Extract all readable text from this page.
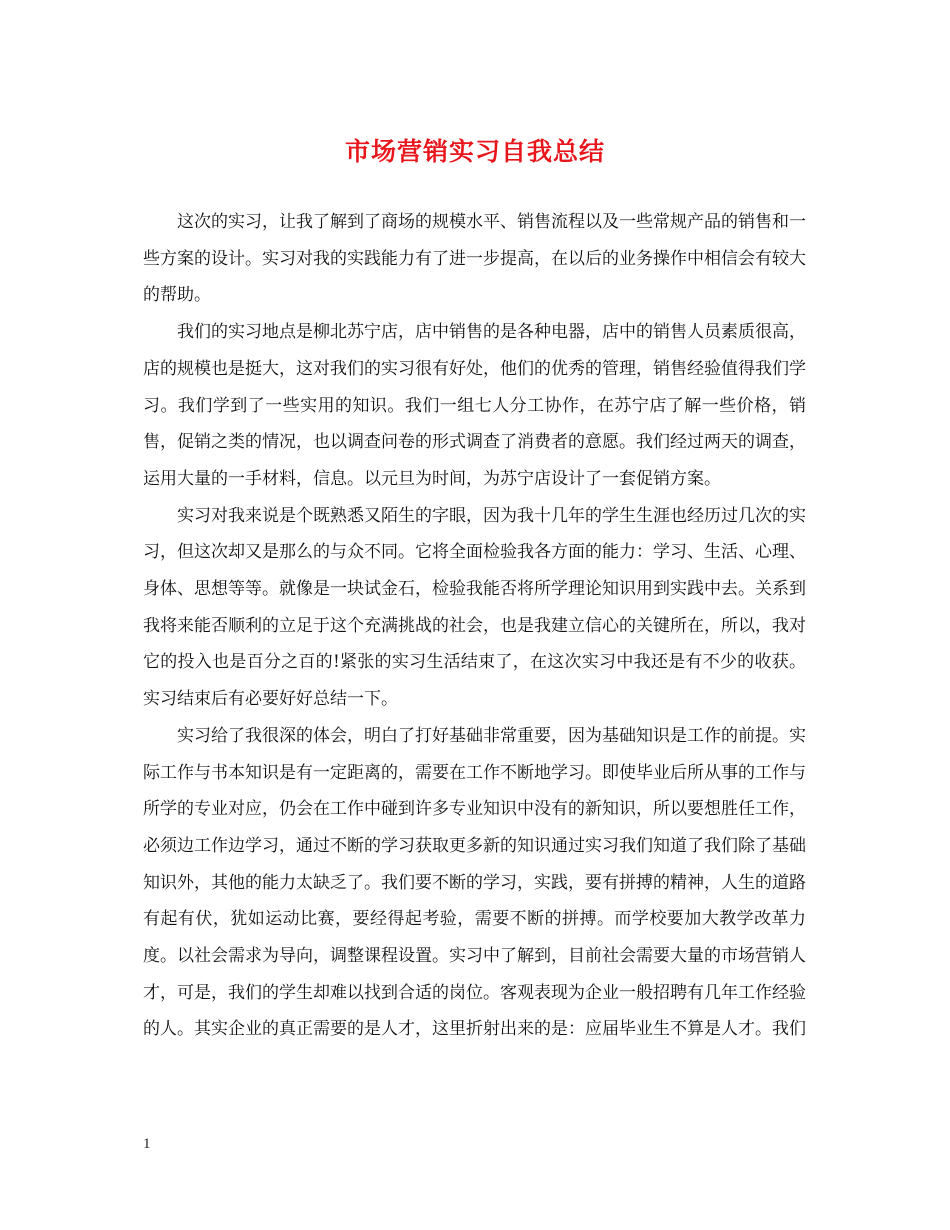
市场营销实习自我总结

这次的实习，让我了解到了商场的规模水平、销售流程以及一些常规产品的销售和一些方案的设计。实习对我的实践能力有了进一步提高，在以后的业务操作中相信会有较大的帮助。

我们的实习地点是柳北苏宁店，店中销售的是各种电器，店中的销售人员素质很高，店的规模也是挺大，这对我们的实习很有好处，他们的优秀的管理，销售经验值得我们学习。我们学到了一些实用的知识。我们一组七人分工协作，在苏宁店了解一些价格，销售，促销之类的情况，也以调查问卷的形式调查了消费者的意愿。我们经过两天的调查，运用大量的一手材料，信息。以元旦为时间，为苏宁店设计了一套促销方案。

实习对我来说是个既熟悉又陌生的字眼，因为我十几年的学生生涯也经历过几次的实习，但这次却又是那么的与众不同。它将全面检验我各方面的能力：学习、生活、心理、身体、思想等等。就像是一块试金石，检验我能否将所学理论知识用到实践中去。关系到我将来能否顺利的立足于这个充满挑战的社会，也是我建立信心的关键所在，所以，我对它的投入也是百分之百的!紧张的实习生活结束了，在这次实习中我还是有不少的收获。实习结束后有必要好好总结一下。

实习给了我很深的体会，明白了打好基础非常重要，因为基础知识是工作的前提。实际工作与书本知识是有一定距离的，需要在工作不断地学习。即使毕业后所从事的工作与所学的专业对应，仍会在工作中碰到许多专业知识中没有的新知识，所以要想胜任工作，必须边工作边学习，通过不断的学习获取更多新的知识通过实习我们知道了我们除了基础知识外，其他的能力太缺乏了。我们要不断的学习，实践，要有拼搏的精神，人生的道路有起有伏，犹如运动比赛，要经得起考验，需要不断的拼搏。而学校要加大教学改革力度。以社会需求为导向，调整课程设置。实习中了解到，目前社会需要大量的市场营销人才，可是，我们的学生却难以找到合适的岗位。客观表现为企业一般招聘有几年工作经验的人。其实企业的真正需要的是人才，这里折射出来的是：应届毕业生不算是人才。我们

1
